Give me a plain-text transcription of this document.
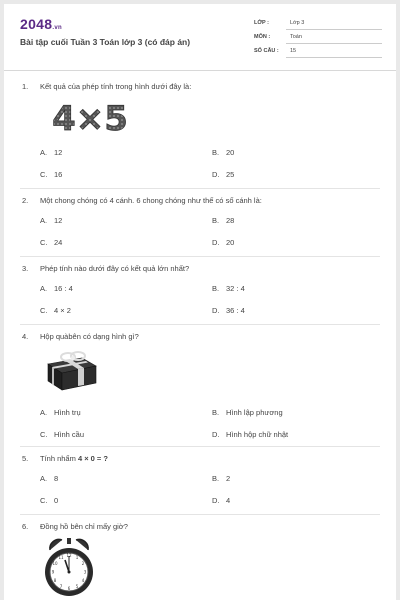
2048.vn
Bài tập cuối Tuần 3 Toán lớp 3 (có đáp án)
LỚP :	Lớp 3
MÔN :	Toán
SỐ CÂU :	15
1. Kết quả của phép tính trong hình dưới đây là:
4×5
A. 12	B. 20
C. 16	D. 25
2. Một chong chóng có 4 cánh. 6 chong chóng như thế có số cánh là:
A. 12	B. 28
C. 24	D. 20
3. Phép tính nào dưới đây có kết quả lớn nhất?
A. 16 : 4	B. 32 : 4
C. 4 × 2	D. 36 : 4
4. Hộp quàbên có dạng hình gì?
A. Hình trụ	B. Hình lập phương
C. Hình cầu	D. Hình hộp chữ nhật
5. Tính nhẩm 4 × 0 = ?
A. 8	B. 2
C. 0	D. 4
6. Đồng hồ bên chỉ mấy giờ?
12 1
2
3
4
5
6
7
8
9
10
11
